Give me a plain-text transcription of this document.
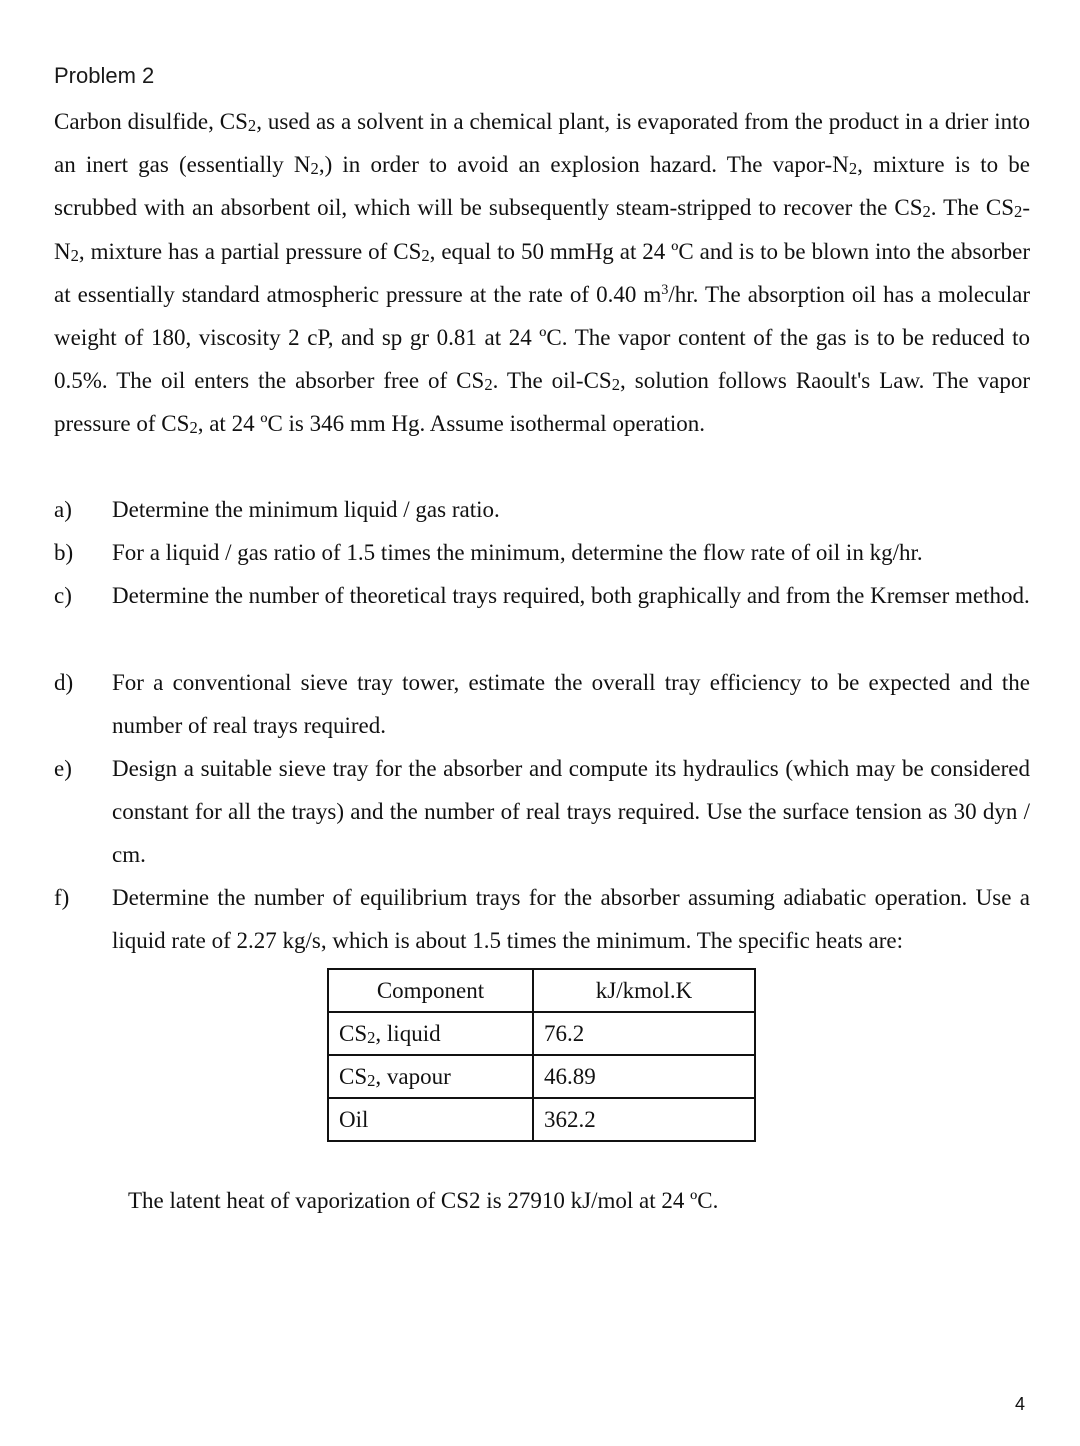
Problem 2
Carbon disulfide, CS2, used as a solvent in a chemical plant, is evaporated from the product in a drier into an inert gas (essentially N2,) in order to avoid an explosion hazard. The vapor-N2, mixture is to be scrubbed with an absorbent oil, which will be subsequently steam-stripped to recover the CS2. The CS2-N2, mixture has a partial pressure of CS2, equal to 50 mmHg at 24 ºC and is to be blown into the absorber at essentially standard atmospheric pressure at the rate of 0.40 $m^3/hr$. The absorption oil has a molecular weight of 180, viscosity 2 cP, and sp gr 0.81 at 24 ºC. The vapor content of the gas is to be reduced to 0.5%. The oil enters the absorber free of CS2. The oil-CS2, solution follows Raoult's Law. The vapor pressure of CS2, at 24 ºC is 346 mm Hg. Assume isothermal operation.
a) Determine the minimum liquid / gas ratio.
b) For a liquid / gas ratio of 1.5 times the minimum, determine the flow rate of oil in kg/hr.
c) Determine the number of theoretical trays required, both graphically and from the Kremser method.
d) For a conventional sieve tray tower, estimate the overall tray efficiency to be expected and the number of real trays required.
e) Design a suitable sieve tray for the absorber and compute its hydraulics (which may be considered constant for all the trays) and the number of real trays required. Use the surface tension as 30 dyn / cm.
f) Determine the number of equilibrium trays for the absorber assuming adiabatic operation. Use a liquid rate of 2.27 kg/s, which is about 1.5 times the minimum. The specific heats are:
Component	kJ/kmol.K
CS2, liquid	76.2
CS2, vapour	46.89
Oil	362.2
The latent heat of vaporization of CS2 is 27910 kJ/mol at 24 ºC.
4
